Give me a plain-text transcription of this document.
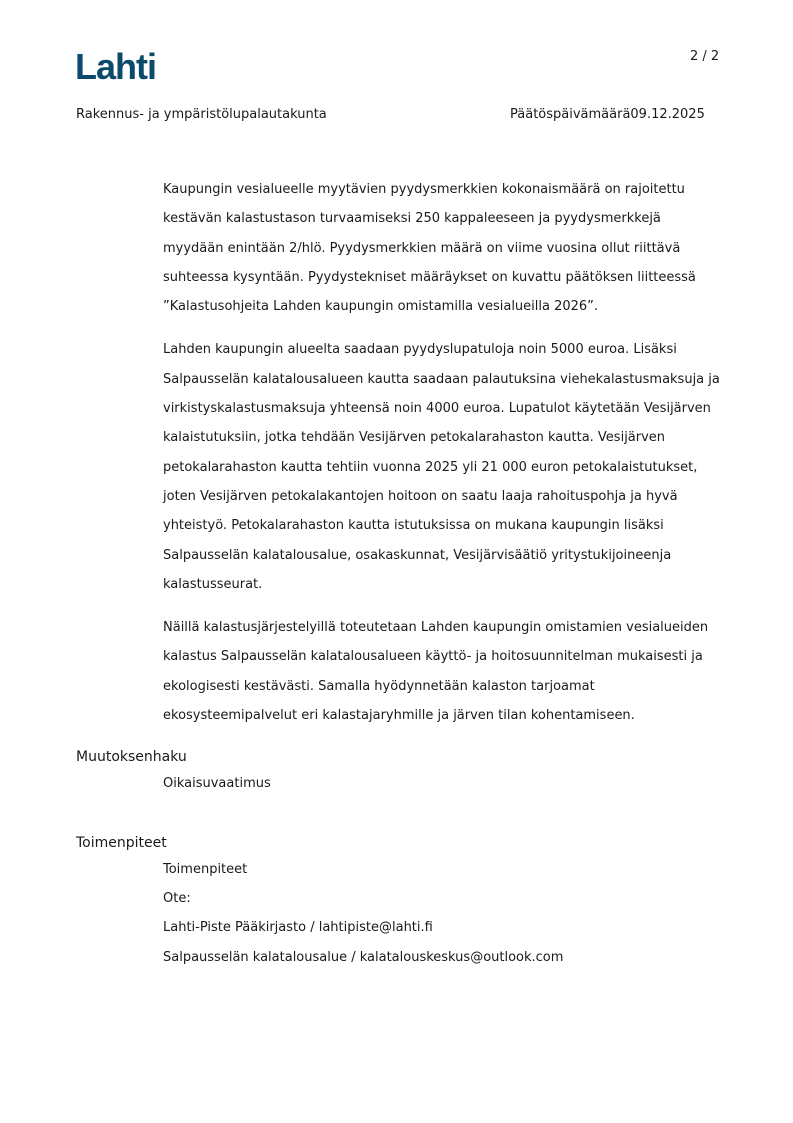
Lahti	2 / 2
Rakennus- ja ympäristölupalautakunta	Päätöspäivämäärä09.12.2025

Kaupungin vesialueelle myytävien pyydysmerkkien kokonaismäärä on rajoitettu kestävän kalastustason turvaamiseksi 250 kappaleeseen ja pyydysmerkkejä myydään enintään 2/hlö. Pyydysmerkkien määrä on viime vuosina ollut riittävä suhteessa kysyntään. Pyydystekniset määräykset on kuvattu päätöksen liitteessä ”Kalastusohjeita Lahden kaupungin omistamilla vesialueilla 2026”.

Lahden kaupungin alueelta saadaan pyydyslupatuloja noin 5000 euroa. Lisäksi Salpausselän kalatalousalueen kautta saadaan palautuksina viehekalastusmaksuja ja virkistyskalastusmaksuja yhteensä noin 4000 euroa. Lupatulot käytetään Vesijärven kalaistutuksiin, jotka tehdään Vesijärven petokalarahaston kautta. Vesijärven petokalarahaston kautta tehtiin vuonna 2025 yli 21 000 euron petokalaistutukset, joten Vesijärven petokalakantojen hoitoon on saatu laaja rahoituspohja ja hyvä yhteistyö. Petokalarahaston kautta istutuksissa on mukana kaupungin lisäksi Salpausselän kalatalousalue, osakaskunnat, Vesijärvisäätiö yritystukijoineenja kalastusseurat.

Näillä kalastusjärjestelyillä toteutetaan Lahden kaupungin omistamien vesialueiden kalastus Salpausselän kalatalousalueen käyttö- ja hoitosuunnitelman mukaisesti ja ekologisesti kestävästi. Samalla hyödynnetään kalaston tarjoamat ekosysteemipalvelut eri kalastajaryhmille ja järven tilan kohentamiseen.

Muutoksenhaku
Oikaisuvaatimus
Toimenpiteet
Toimenpiteet
Ote:
Lahti-Piste Pääkirjasto / lahtipiste@lahti.fi
Salpausselän kalatalousalue / kalatalouskeskus@outlook.com
